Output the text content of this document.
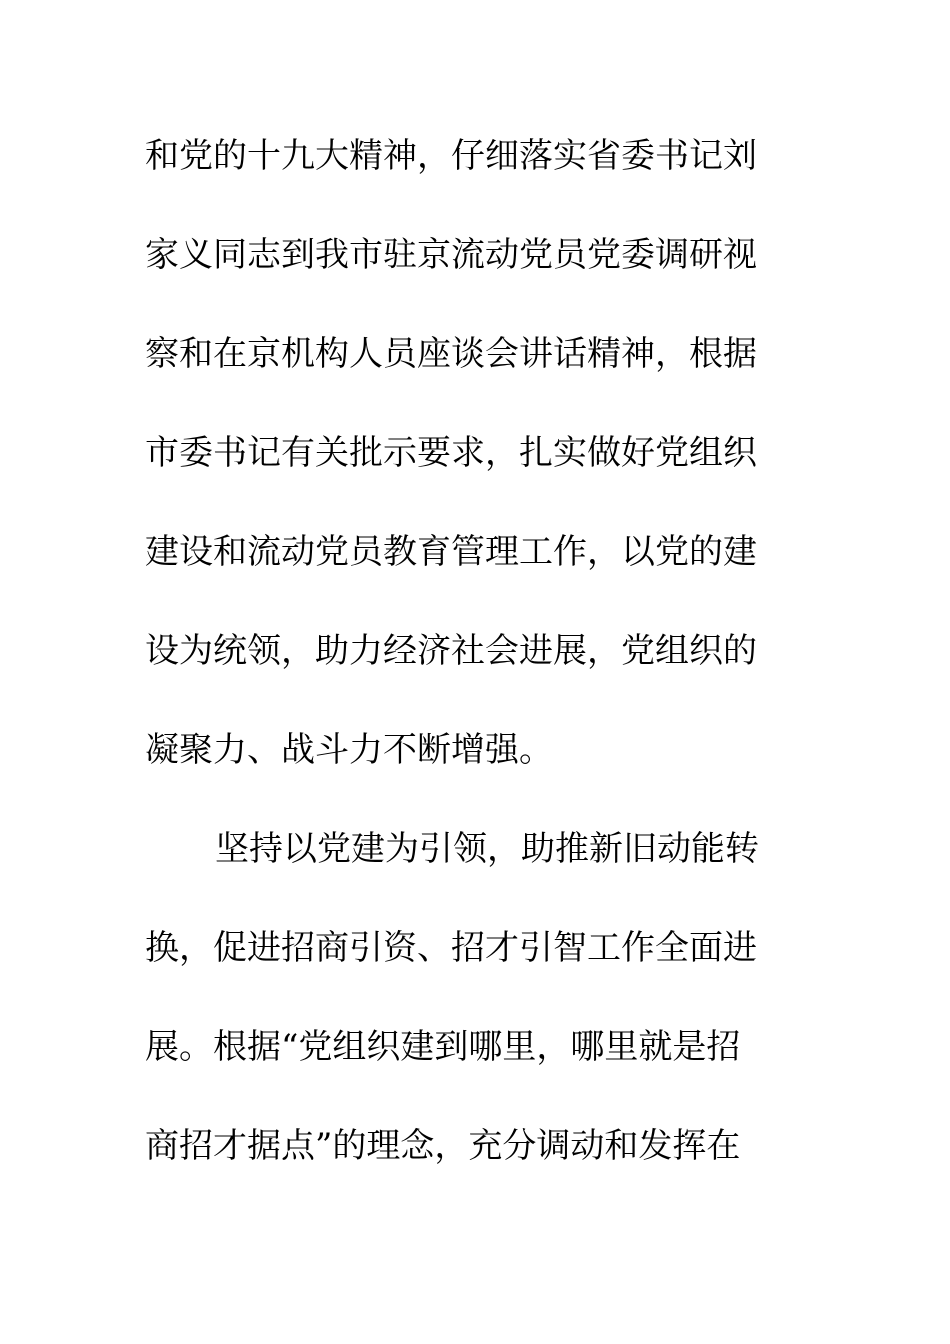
和党的十九大精神，仔细落实省委书记刘
家义同志到我市驻京流动党员党委调研视
察和在京机构人员座谈会讲话精神，根据
市委书记有关批示要求，扎实做好党组织
建设和流动党员教育管理工作，以党的建
设为统领，助力经济社会进展，党组织的
凝聚力、战斗力不断增强。
坚持以党建为引领，助推新旧动能转
换，促进招商引资、招才引智工作全面进
展。根据“党组织建到哪里，哪里就是招
商招才据点”的理念，充分调动和发挥在
